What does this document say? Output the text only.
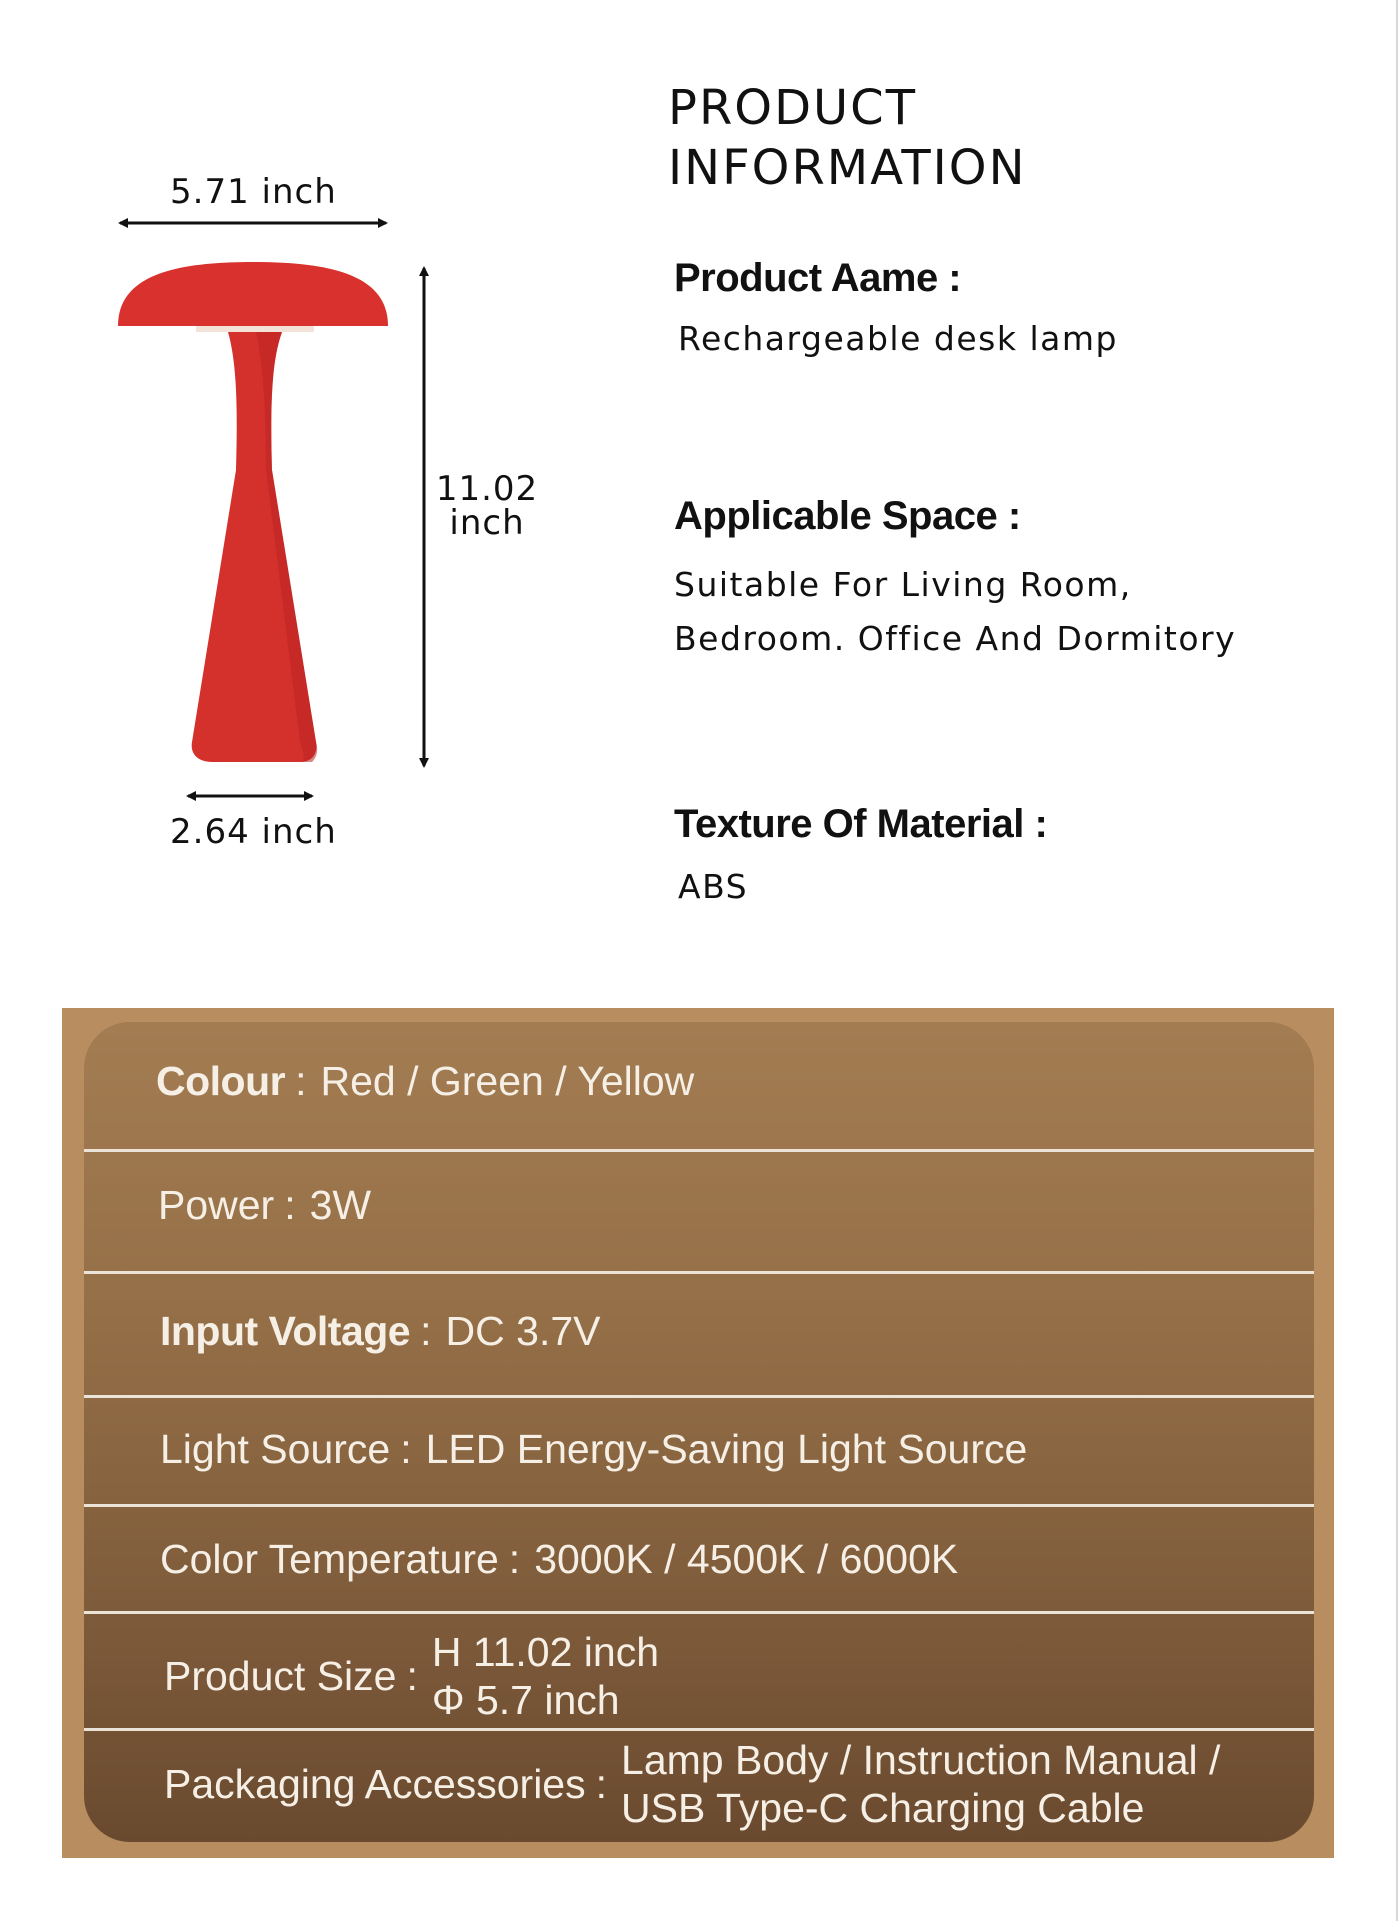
5.71 inch
11.02
inch
2.64 inch
PRODUCT
INFORMATION
Product Aame :
Rechargeable desk lamp
Applicable Space :
Suitable For Living Room,
Bedroom. Office And Dormitory
Texture Of Material :
ABS
Colour : Red / Green / Yellow
Power : 3W
Input Voltage : DC 3.7V
Light Source : LED Energy-Saving Light Source
Color Temperature : 3000K / 4500K / 6000K
Product Size :
H 11.02 inch
Φ 5.7 inch
Packaging Accessories :
Lamp Body / Instruction Manual /
USB Type-C Charging Cable
